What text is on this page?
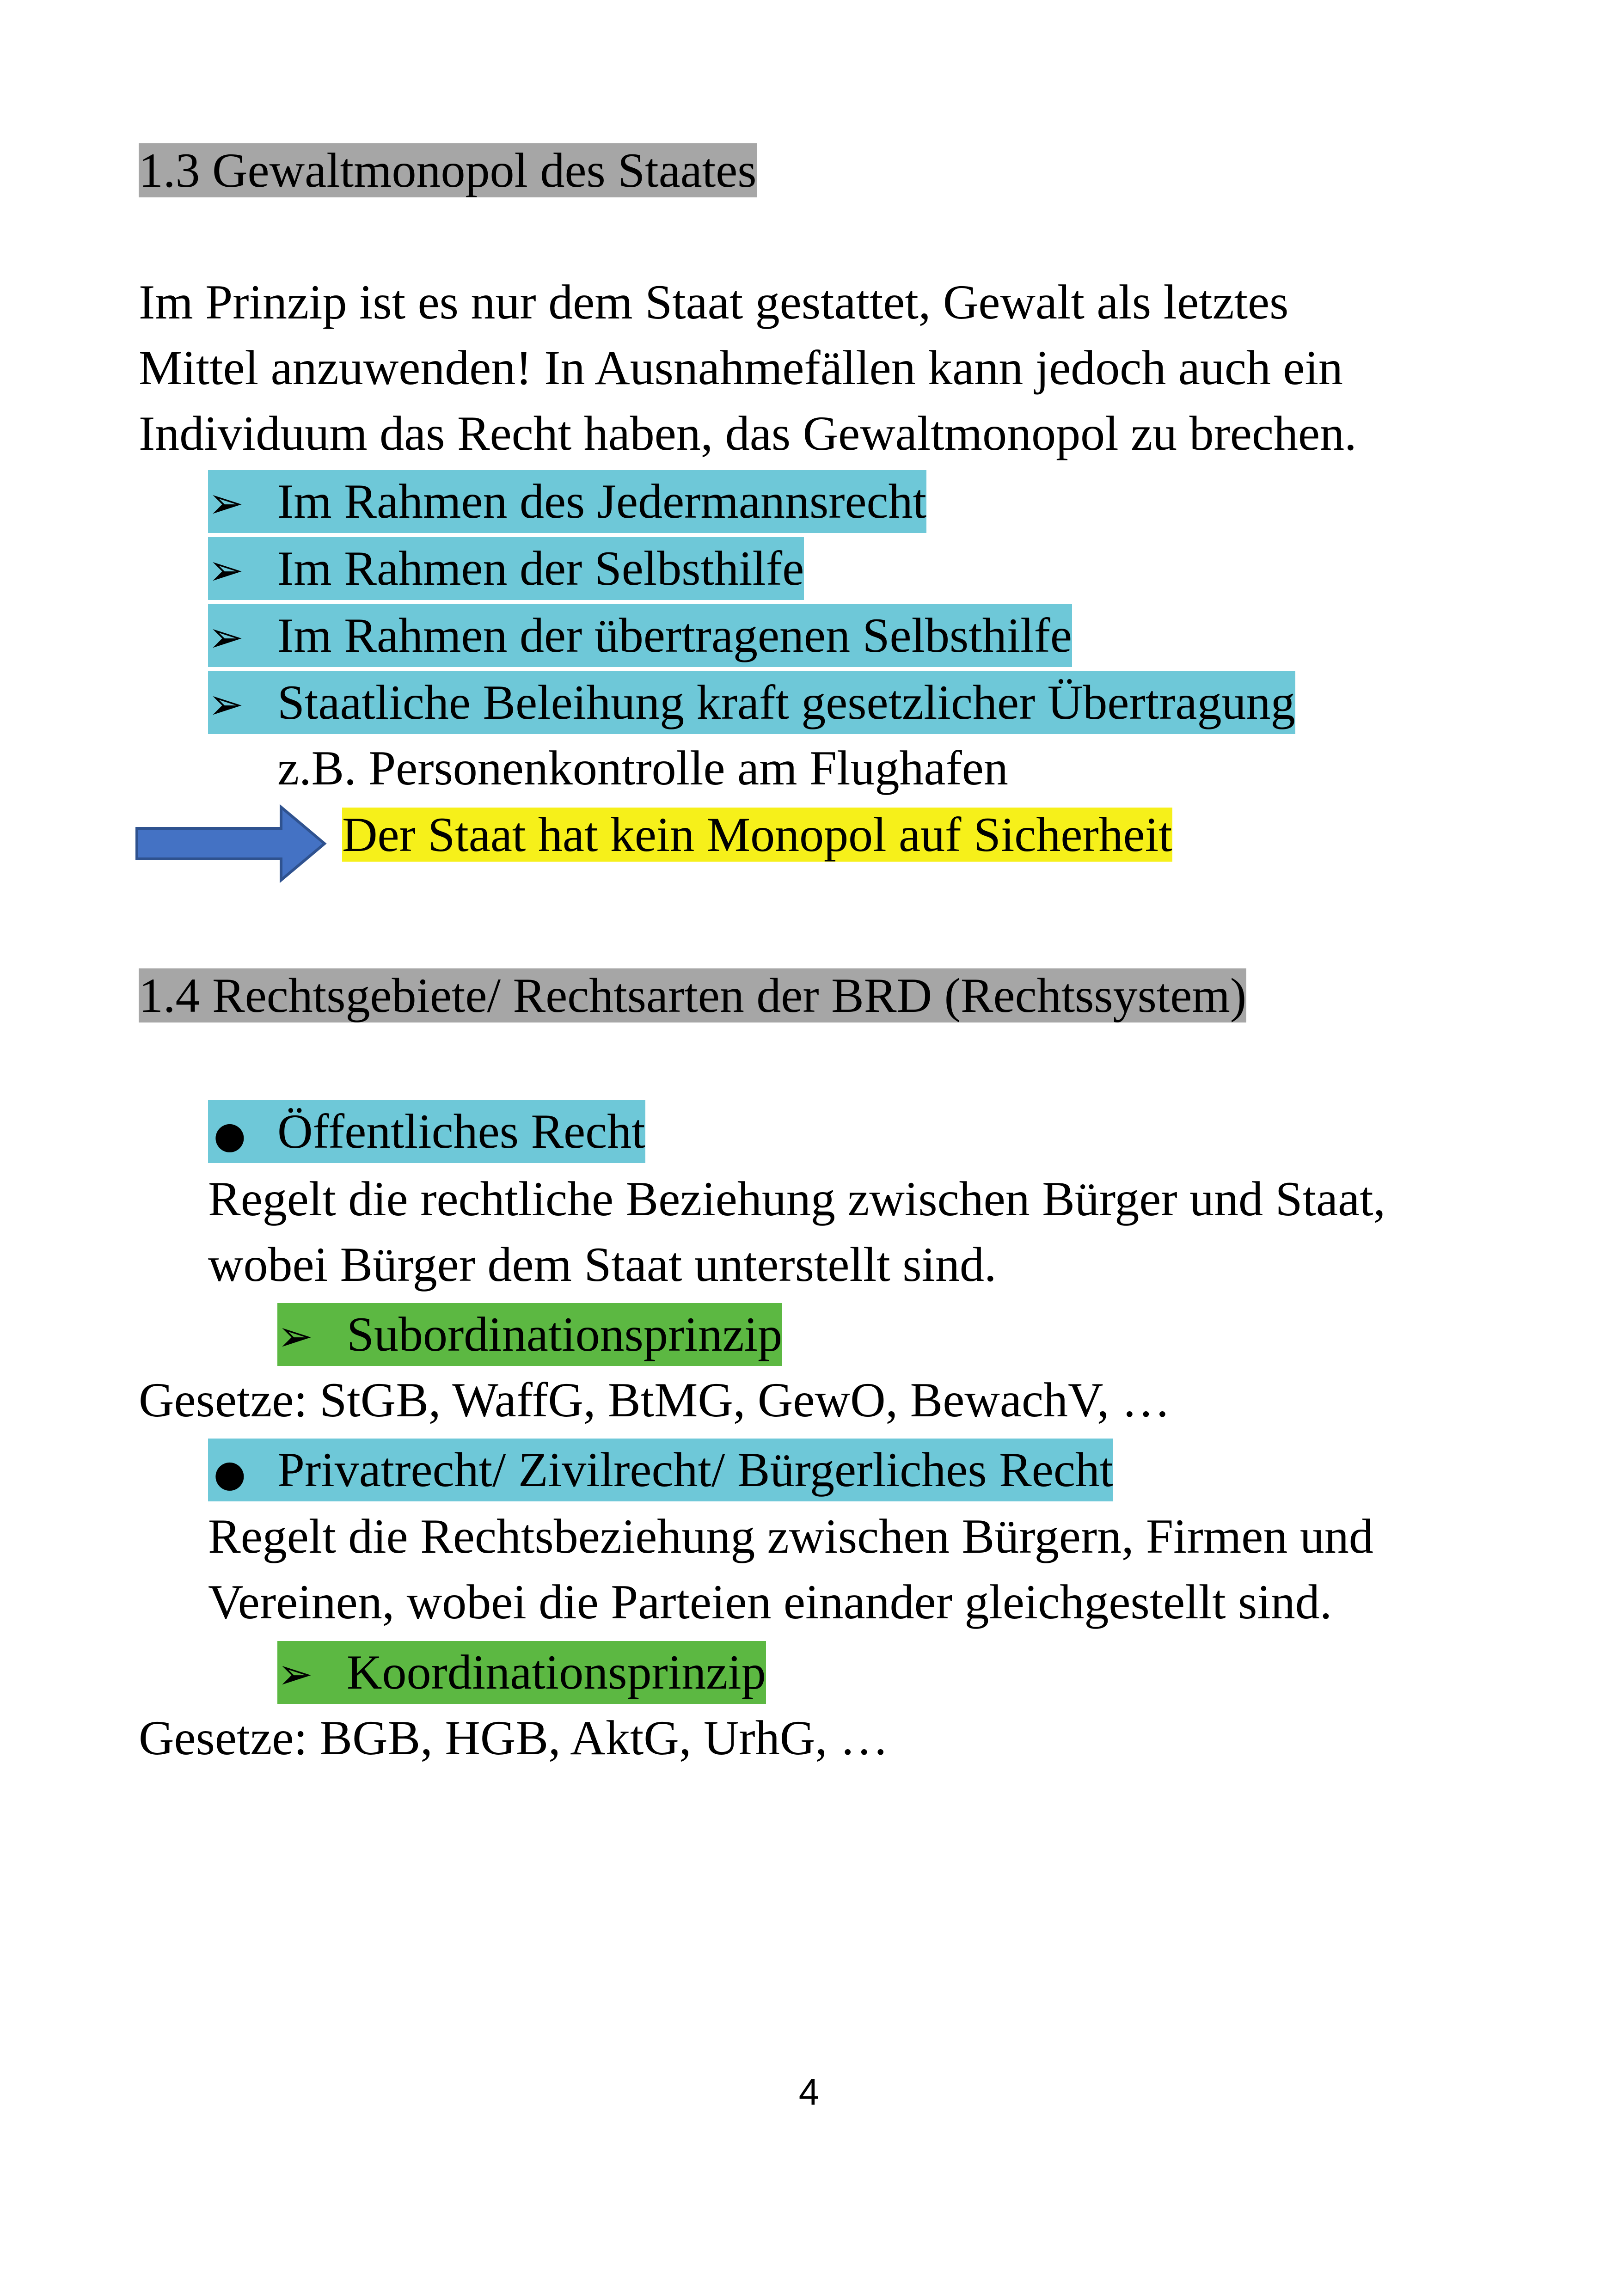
1.3 Gewaltmonopol des Staates
Im Prinzip ist es nur dem Staat gestattet, Gewalt als letztes
Mittel anzuwenden! In Ausnahmefällen kann jedoch auch ein
Individuum das Recht haben, das Gewaltmonopol zu brechen.
➢ Im Rahmen des Jedermannsrecht
➢ Im Rahmen der Selbsthilfe
➢ Im Rahmen der übertragenen Selbsthilfe
➢ Staatliche Beleihung kraft gesetzlicher Übertragung
z.B. Personenkontrolle am Flughafen
Der Staat hat kein Monopol auf Sicherheit
1.4 Rechtsgebiete/ Rechtsarten der BRD (Rechtssystem)
● Öffentliches Recht
Regelt die rechtliche Beziehung zwischen Bürger und Staat,
wobei Bürger dem Staat unterstellt sind.
➢ Subordinationsprinzip
Gesetze: StGB, WaffG, BtMG, GewO, BewachV, …
● Privatrecht/ Zivilrecht/ Bürgerliches Recht
Regelt die Rechtsbeziehung zwischen Bürgern, Firmen und
Vereinen, wobei die Parteien einander gleichgestellt sind.
➢ Koordinationsprinzip
Gesetze: BGB, HGB, AktG, UrhG, …
4
